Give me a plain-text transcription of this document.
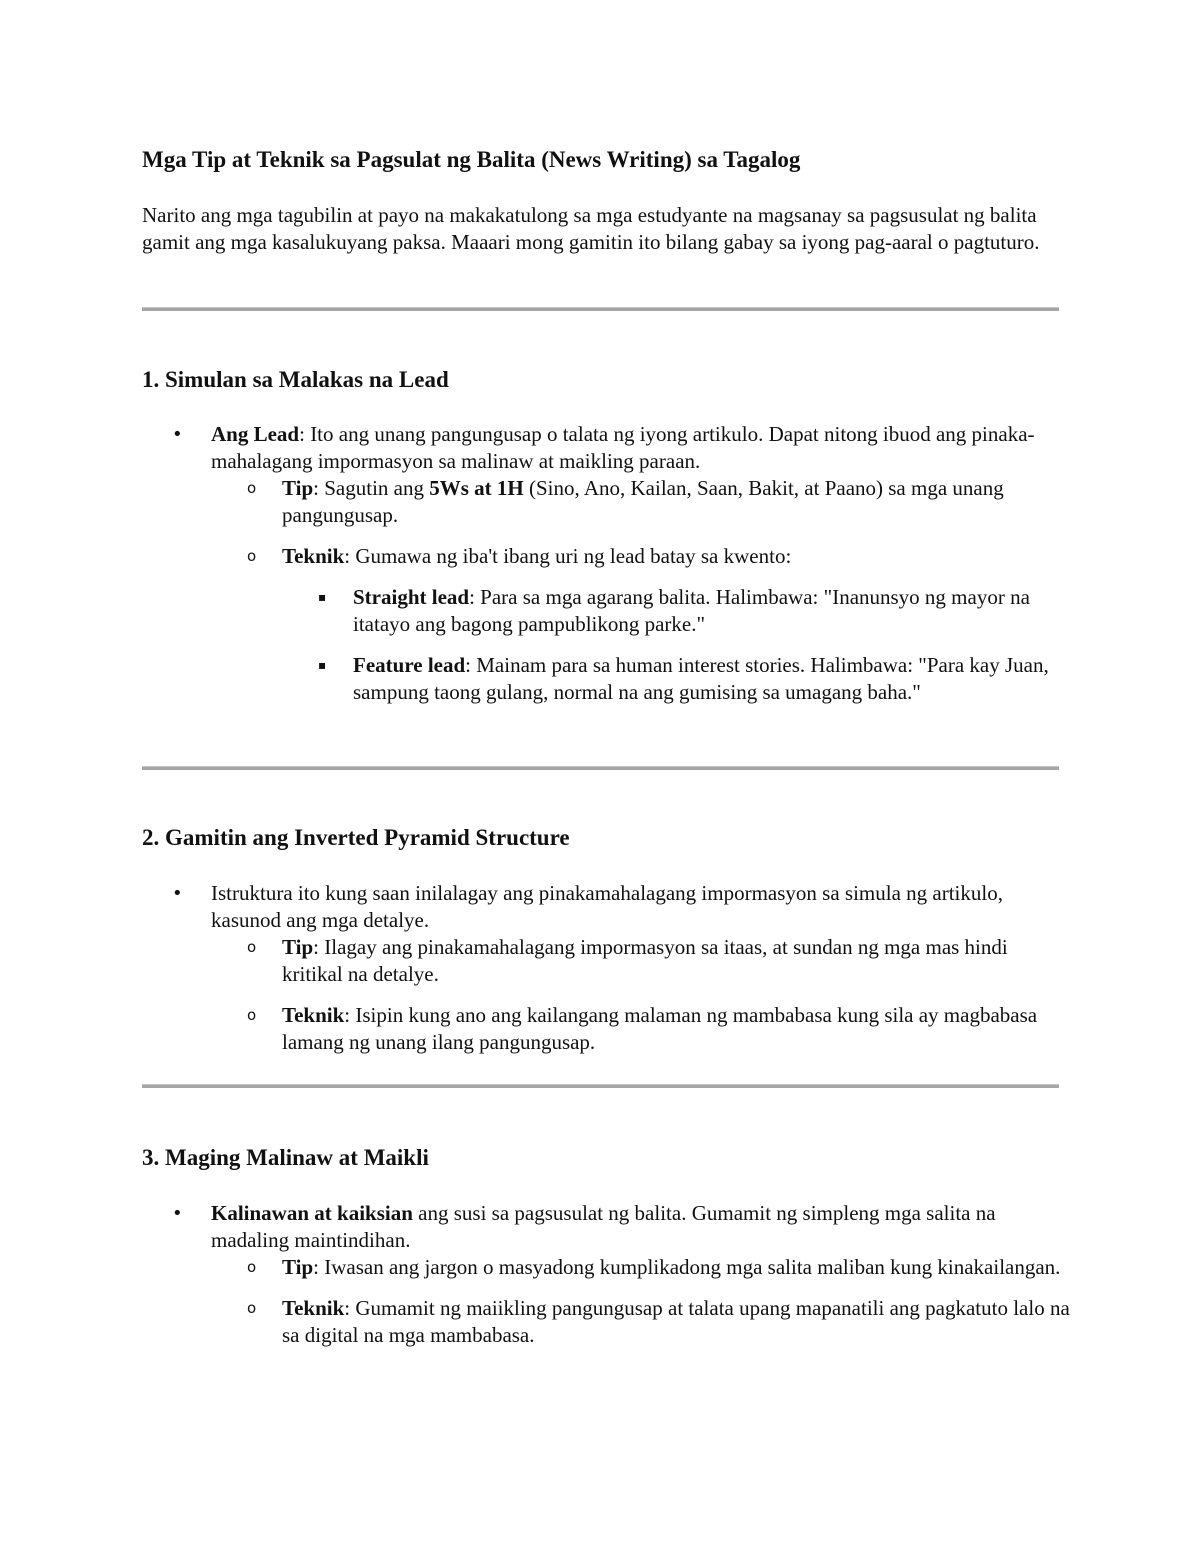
Mga Tip at Teknik sa Pagsulat ng Balita (News Writing) sa Tagalog

Narito ang mga tagubilin at payo na makakatulong sa mga estudyante na magsanay sa pagsusulat ng balita gamit ang mga kasalukuyang paksa. Maaari mong gamitin ito bilang gabay sa iyong pag-aaral o pagtuturo.

1. Simulan sa Malakas na Lead
• Ang Lead: Ito ang unang pangungusap o talata ng iyong artikulo. Dapat nitong ibuod ang pinaka-mahalagang impormasyon sa malinaw at maikling paraan.
o Tip: Sagutin ang 5Ws at 1H (Sino, Ano, Kailan, Saan, Bakit, at Paano) sa mga unang pangungusap.
o Teknik: Gumawa ng iba't ibang uri ng lead batay sa kwento:
▪ Straight lead: Para sa mga agarang balita. Halimbawa: "Inanunsyo ng mayor na itatayo ang bagong pampublikong parke."
▪ Feature lead: Mainam para sa human interest stories. Halimbawa: "Para kay Juan, sampung taong gulang, normal na ang gumising sa umagang baha."
2. Gamitin ang Inverted Pyramid Structure
• Istruktura ito kung saan inilalagay ang pinakamahalagang impormasyon sa simula ng artikulo, kasunod ang mga detalye.
o Tip: Ilagay ang pinakamahalagang impormasyon sa itaas, at sundan ng mga mas hindi kritikal na detalye.
o Teknik: Isipin kung ano ang kailangang malaman ng mambabasa kung sila ay magbabasa lamang ng unang ilang pangungusap.
3. Maging Malinaw at Maikli
• Kalinawan at kaiksian ang susi sa pagsusulat ng balita. Gumamit ng simpleng mga salita na madaling maintindihan.
o Tip: Iwasan ang jargon o masyadong kumplikadong mga salita maliban kung kinakailangan.
o Teknik: Gumamit ng maiikling pangungusap at talata upang mapanatili ang pagkatuto lalo na sa digital na mga mambabasa.
